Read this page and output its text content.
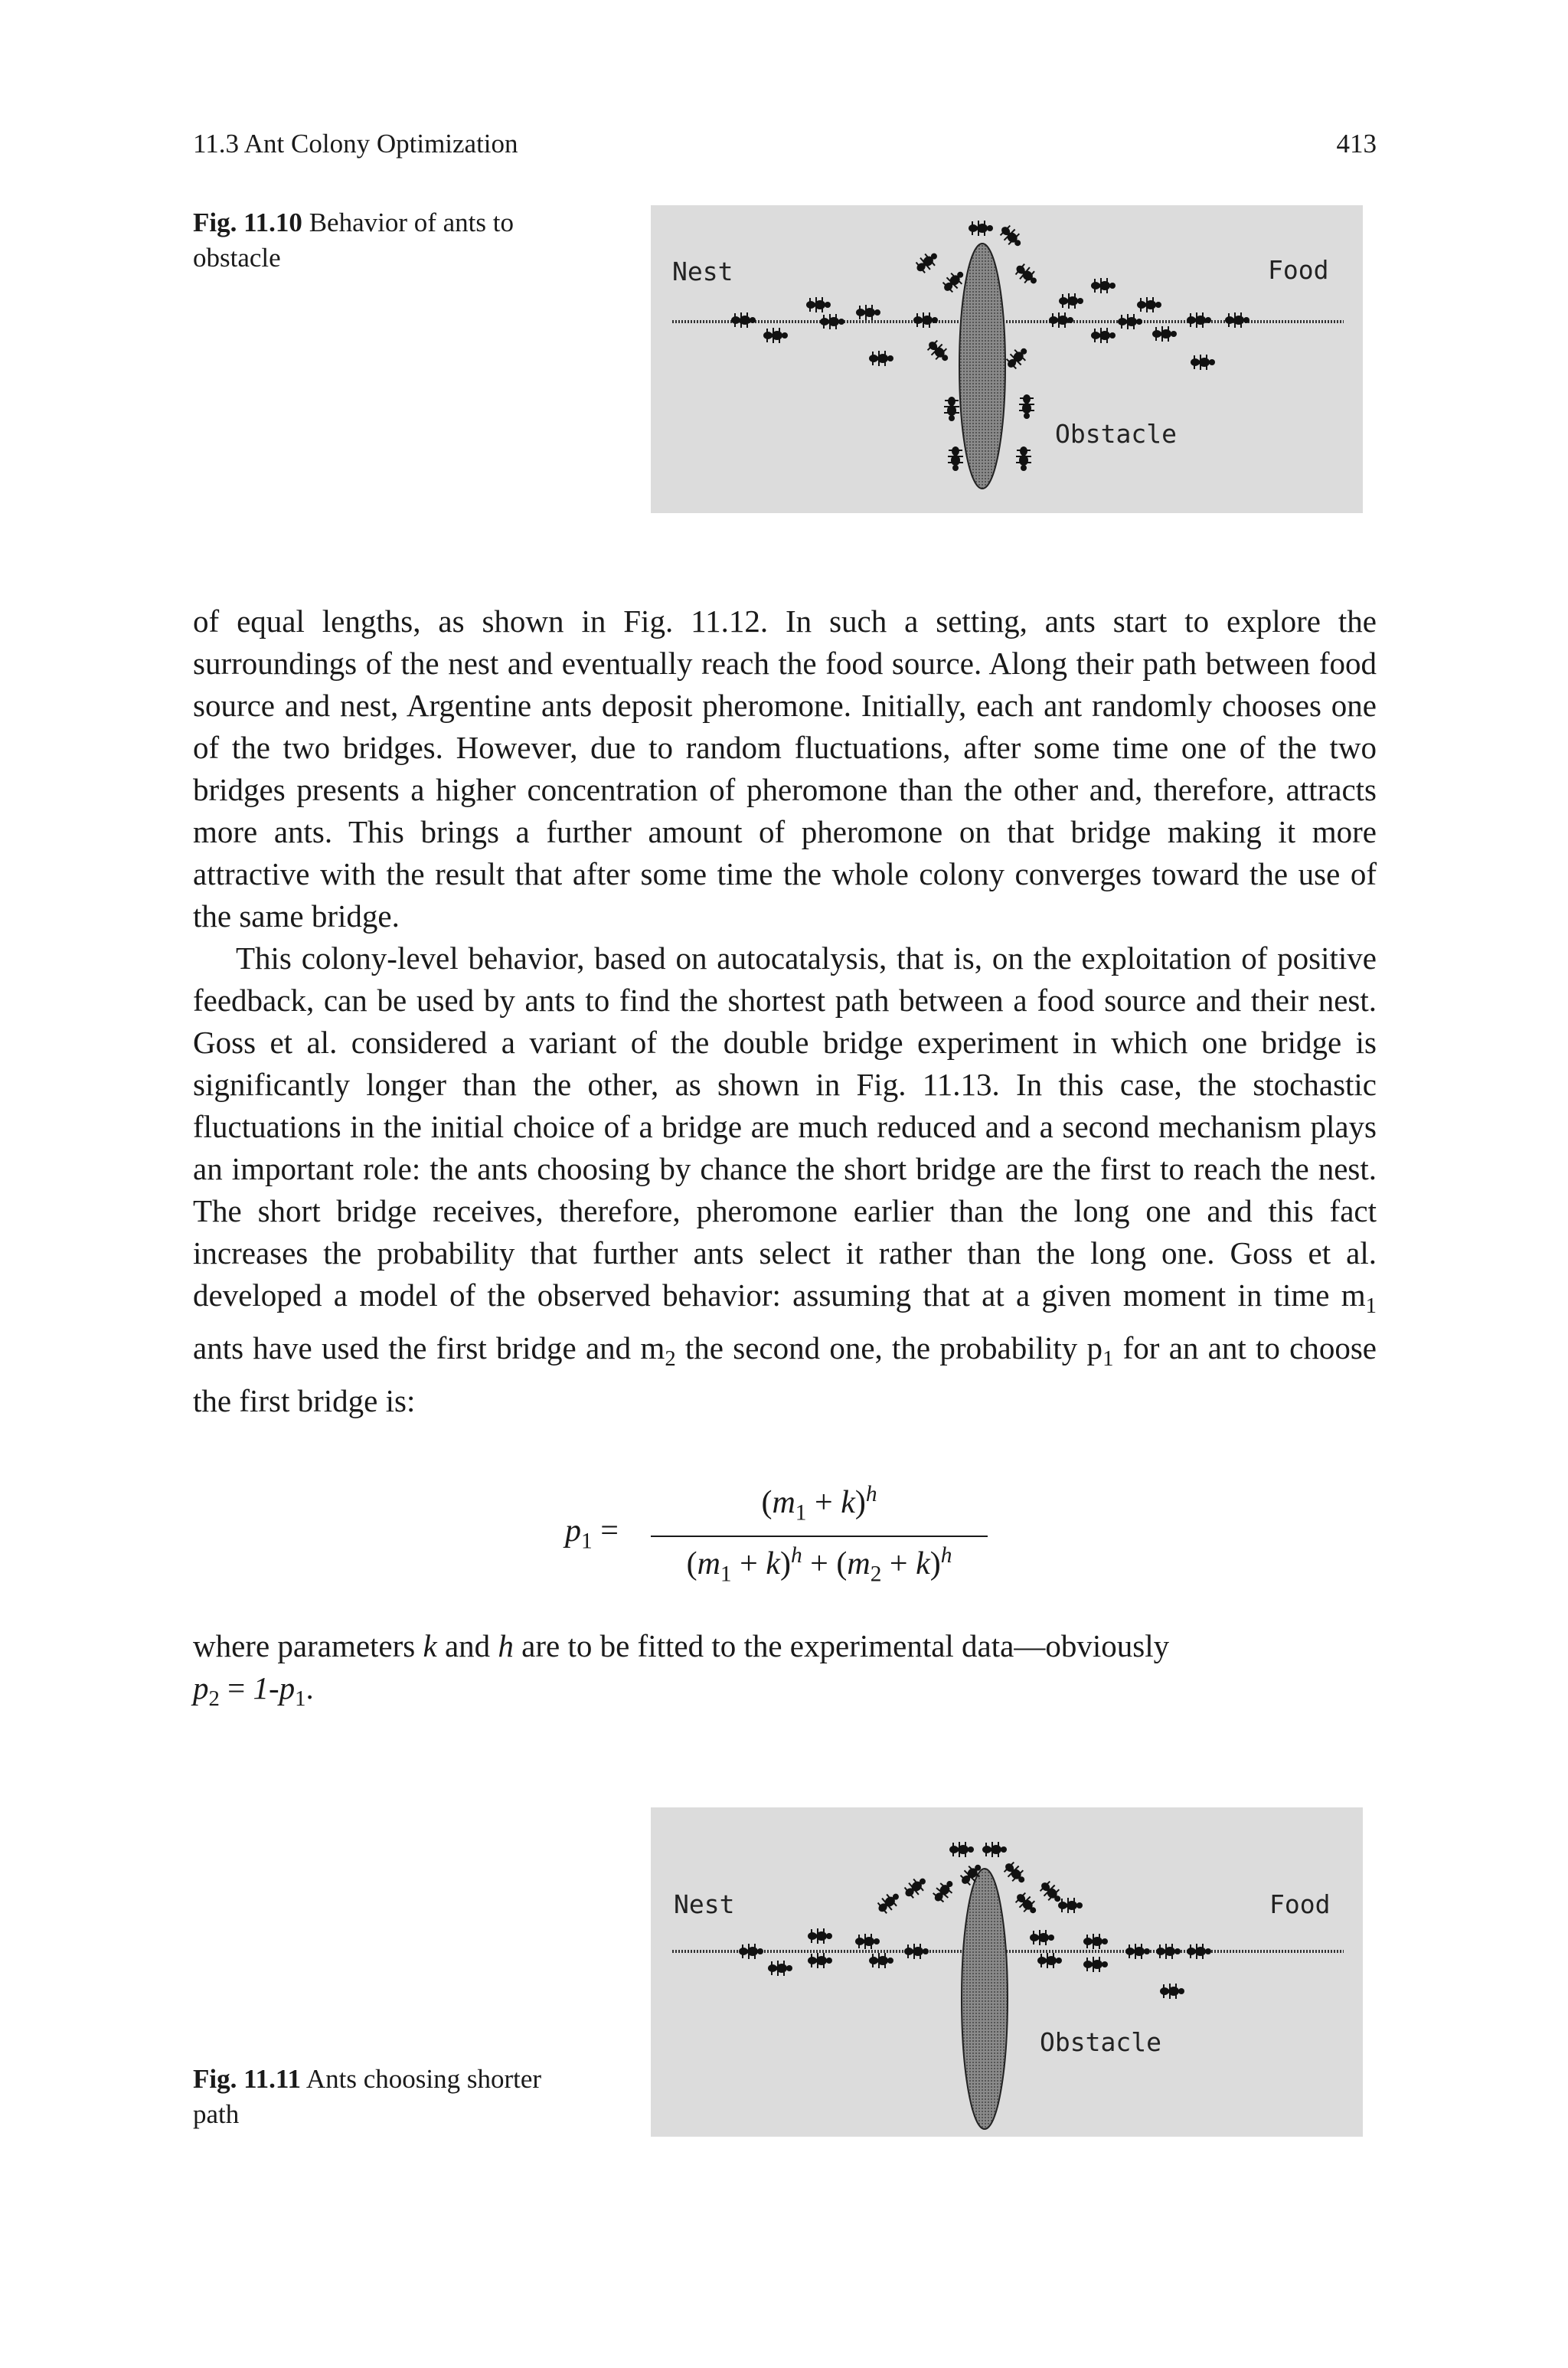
11.3 Ant Colony Optimization	413
Fig. 11.10 Behavior of ants to obstacle	Nest	Food
Obstacle

of equal lengths, as shown in Fig. 11.12. In such a setting, ants start to explore the surroundings of the nest and eventually reach the food source. Along their path between food source and nest, Argentine ants deposit pheromone. Initially, each ant randomly chooses one of the two bridges. However, due to random fluctuations, after some time one of the two bridges presents a higher concentration of pheromone than the other and, therefore, attracts more ants. This brings a further amount of pheromone on that bridge making it more attractive with the result that after some time the whole colony converges toward the use of the same bridge.

This colony-level behavior, based on autocatalysis, that is, on the exploitation of positive feedback, can be used by ants to find the shortest path between a food source and their nest. Goss et al. considered a variant of the double bridge experiment in which one bridge is significantly longer than the other, as shown in Fig. 11.13. In this case, the stochastic fluctuations in the initial choice of a bridge are much reduced and a second mechanism plays an important role: the ants choosing by chance the short bridge are the first to reach the nest. The short bridge receives, therefore, pheromone earlier than the long one and this fact increases the probability that further ants select it rather than the long one. Goss et al. developed a model of the observed behavior: assuming that at a given moment in time $m_1$ ants have used the first bridge and $m_2$ the second one, the probability $p_1$ for an ant to choose the first bridge is:

$p_1$ =
$(m_1 + k)^h$
$(m_1 + k)^h + (m_2 + k)^h$

where parameters k and h are to be fitted to the experimental data—obviously

$p_2 = 1-p_1$.

Nest	Food
Obstacle
Fig. 11.11 Ants choosing shorter path
